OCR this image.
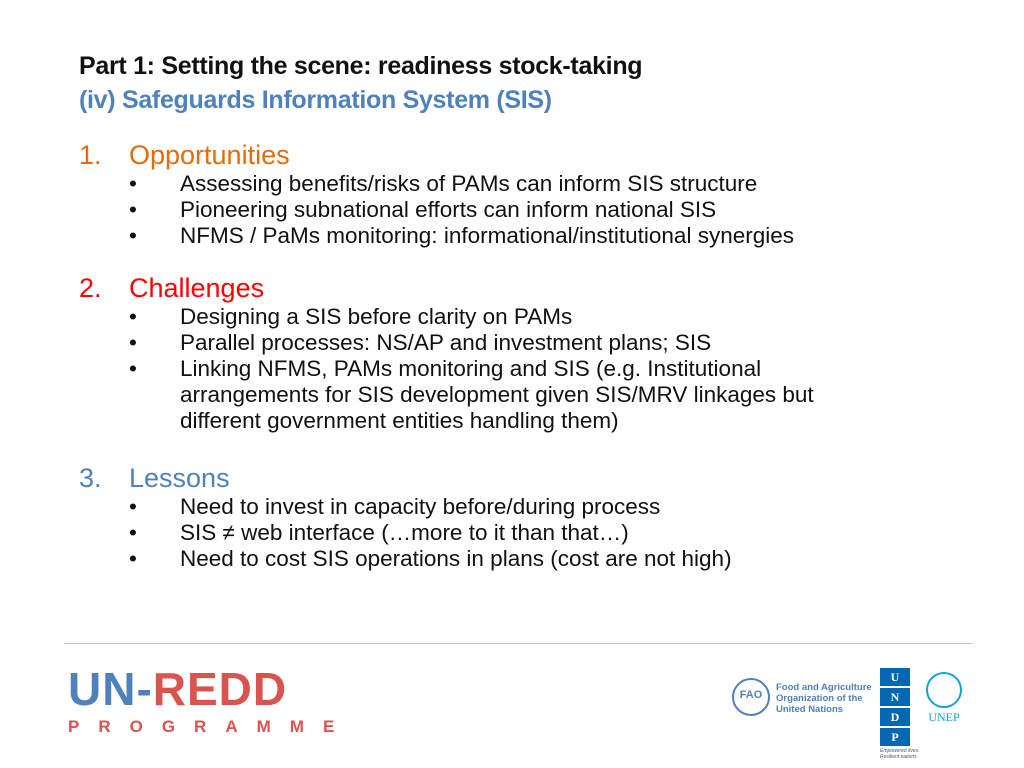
Part 1: Setting the scene: readiness stock-taking
(iv) Safeguards Information System (SIS)
1. Opportunities
• Assessing benefits/risks of PAMs can inform SIS structure
• Pioneering subnational efforts can inform national SIS
• NFMS / PaMs monitoring: informational/institutional synergies
2. Challenges
• Designing a SIS before clarity on PAMs
• Parallel processes: NS/AP and investment plans; SIS
• Linking NFMS, PAMs monitoring and SIS (e.g. Institutional arrangements for SIS development given SIS/MRV linkages but different government entities handling them)
3. Lessons
• Need to invest in capacity before/during process
• SIS ≠ web interface (…more to it than that…)
• Need to cost SIS operations in plans (cost are not high)
UN-REDD
PROGRAMME
FAO
Food and Agriculture Organization of the United Nations
U
N
D
P
Empowered lives. Resilient nations.
UNEP
